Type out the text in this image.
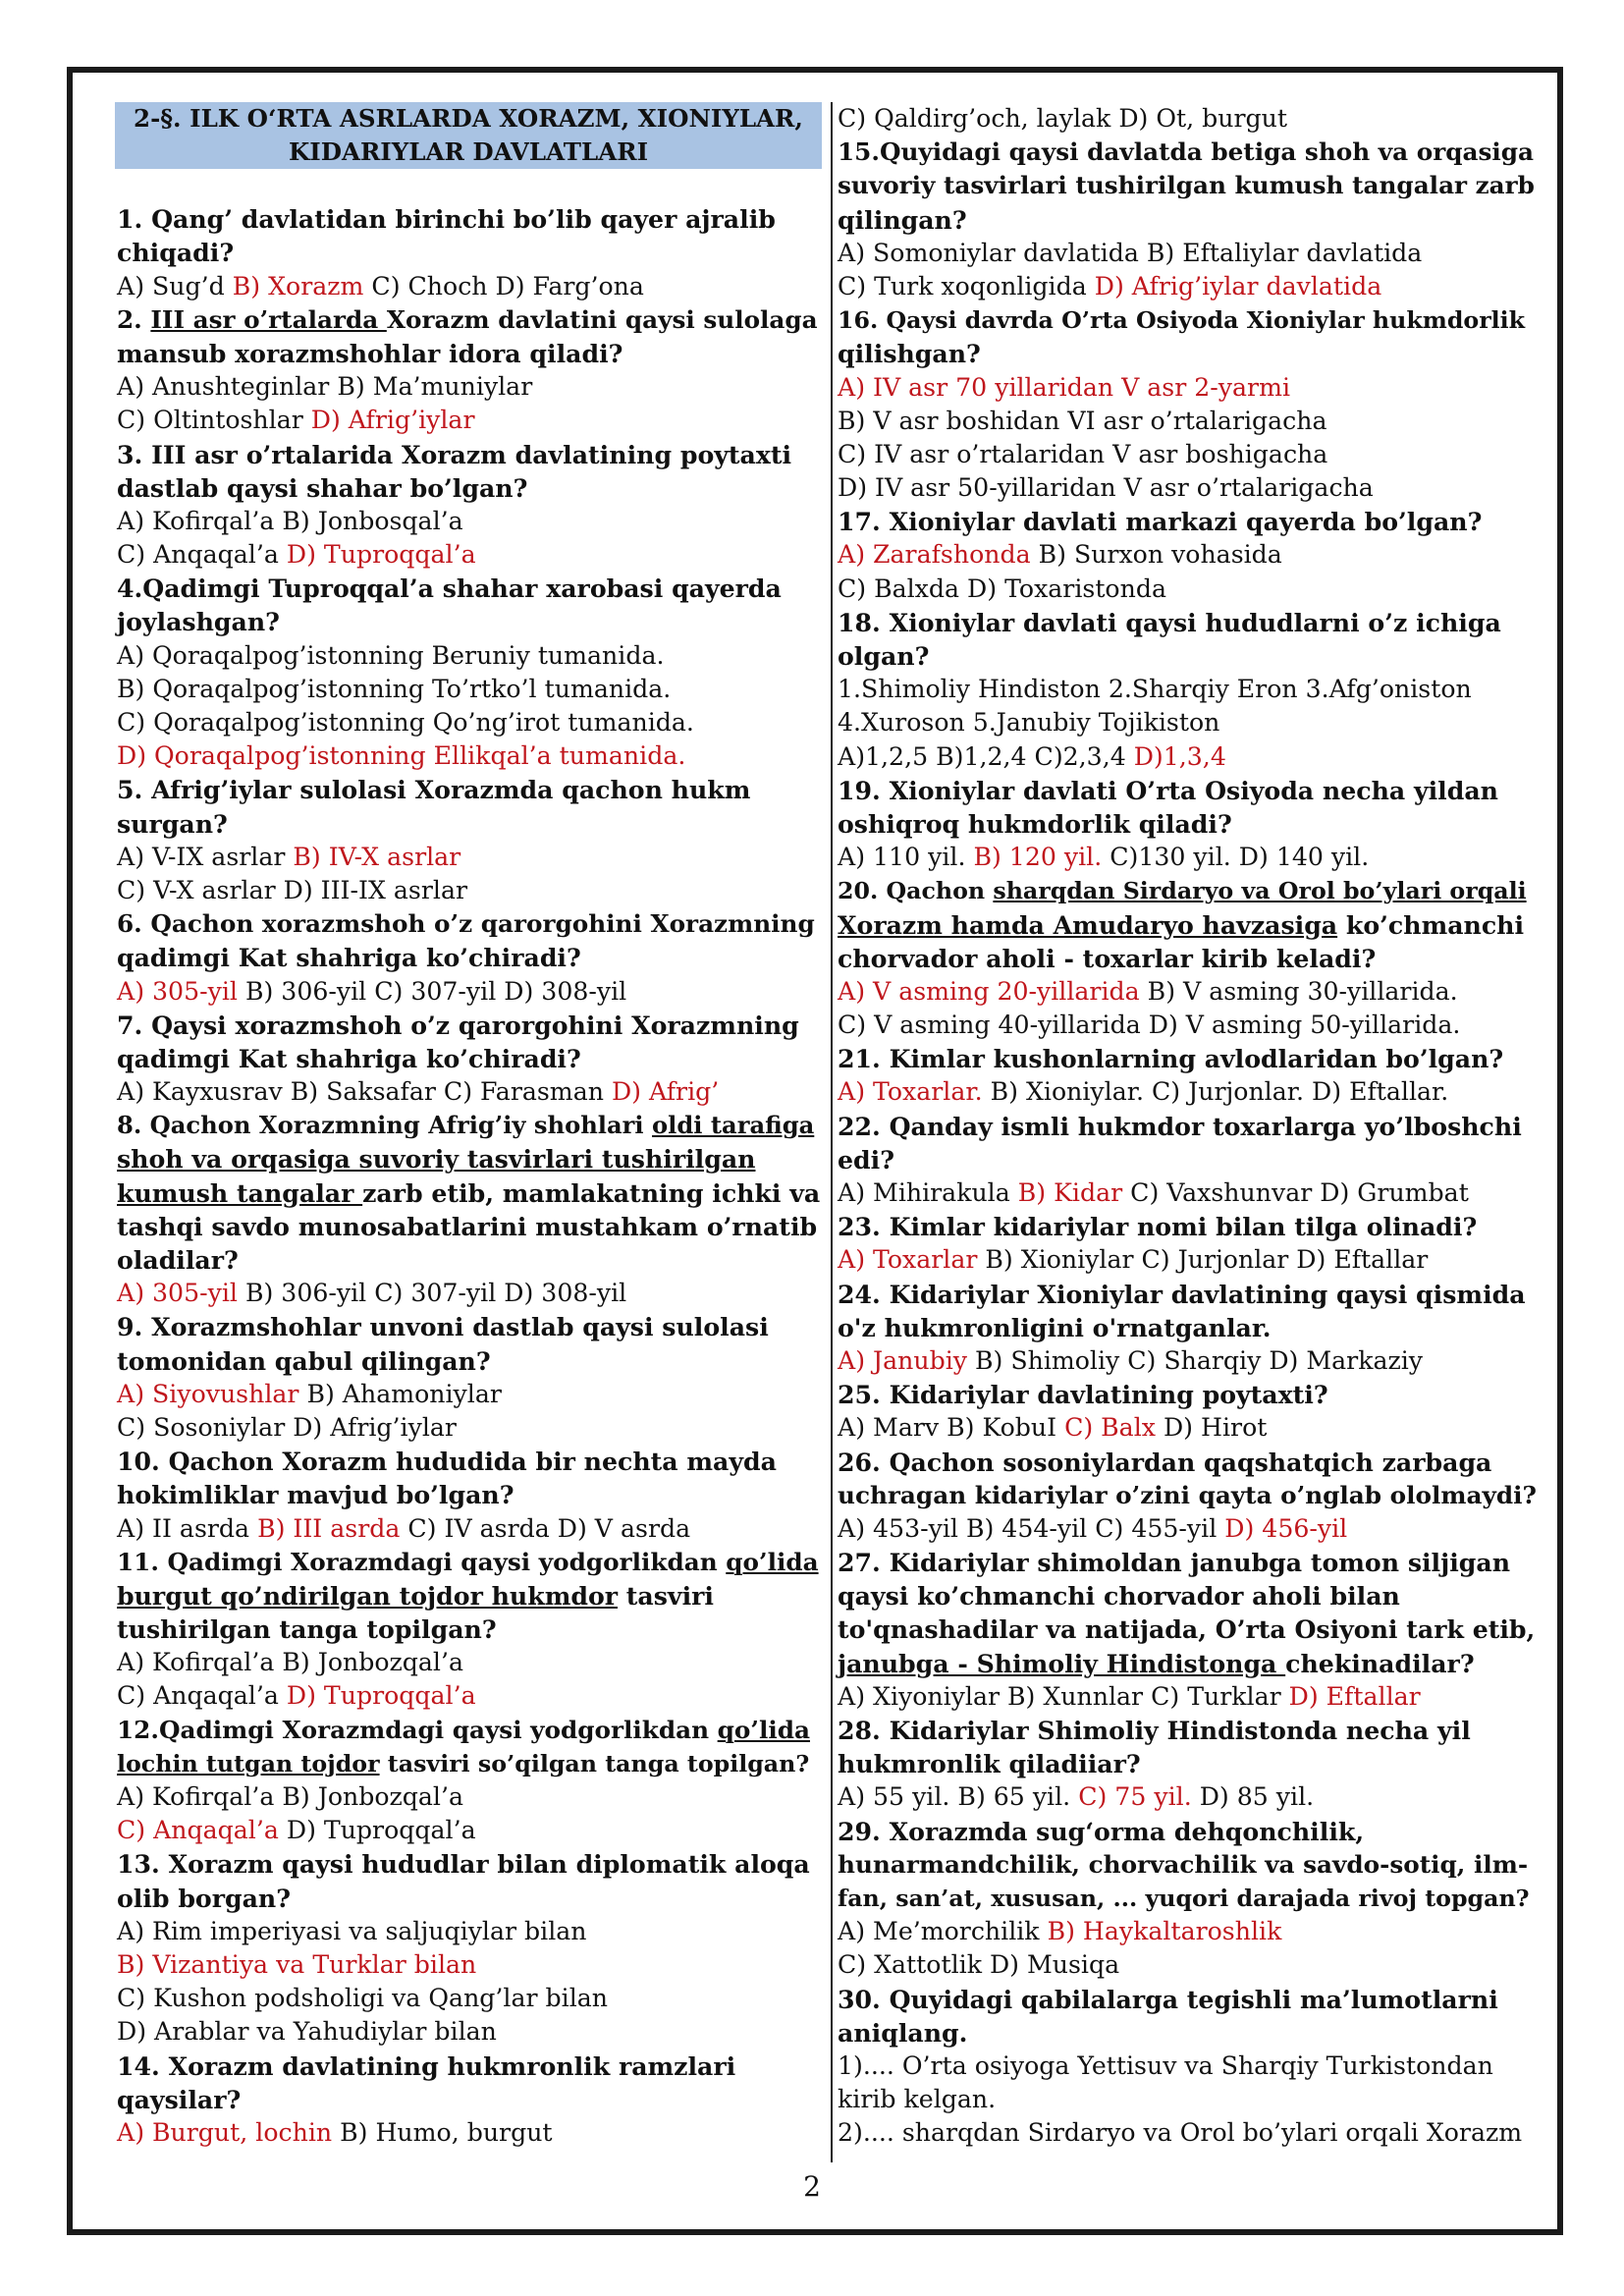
2-§. ILK O‘RTA ASRLARDA XORAZM, XIONIYLAR,
KIDARIYLAR DAVLATLARI
1. Qang’ davlatidan birinchi bo’lib qayer ajralib
chiqadi?
A) Sug’d B) Xorazm C) Choch D) Farg’ona
2. III asr o’rtalarda Xorazm davlatini qaysi sulolaga
mansub xorazmshohlar idora qiladi?
A) Anushteginlar B) Ma’muniylar
C) Oltintoshlar D) Afrig’iylar
3. III asr o’rtalarida Xorazm davlatining poytaxti
dastlab qaysi shahar bo’lgan?
A) Kofirqal’a B) Jonbosqal’a
C) Anqaqal’a D) Tuproqqal’a
4.Qadimgi Tuproqqal’a shahar xarobasi qayerda
joylashgan?
A) Qoraqalpog’istonning Beruniy tumanida.
B) Qoraqalpog’istonning To’rtko’l tumanida.
C) Qoraqalpog’istonning Qo’ng’irot tumanida.
D) Qoraqalpog’istonning Ellikqal’a tumanida.
5. Afrig’iylar sulolasi Xorazmda qachon hukm
surgan?
A) V-IX asrlar B) IV-X asrlar
C) V-X asrlar D) III-IX asrlar
6. Qachon xorazmshoh o’z qarorgohini Xorazmning
qadimgi Kat shahriga ko’chiradi?
A) 305-yil B) 306-yil C) 307-yil D) 308-yil
7. Qaysi xorazmshoh o’z qarorgohini Xorazmning
qadimgi Kat shahriga ko’chiradi?
A) Kayxusrav B) Saksafar C) Farasman D) Afrig’
8. Qachon Xorazmning Afrig’iy shohlari oldi tarafiga
shoh va orqasiga suvoriy tasvirlari tushirilgan
kumush tangalar zarb etib, mamlakatning ichki va
tashqi savdo munosabatlarini mustahkam o’rnatib
oladilar?
A) 305-yil B) 306-yil C) 307-yil D) 308-yil
9. Xorazmshohlar unvoni dastlab qaysi sulolasi
tomonidan qabul qilingan?
A) Siyovushlar B) Ahamoniylar
C) Sosoniylar D) Afrig’iylar
10. Qachon Xorazm hududida bir nechta mayda
hokimliklar mavjud bo’lgan?
A) II asrda B) III asrda C) IV asrda D) V asrda
11. Qadimgi Xorazmdagi qaysi yodgorlikdan qo’lida
burgut qo’ndirilgan tojdor hukmdor tasviri
tushirilgan tanga topilgan?
A) Kofirqal’a B) Jonbozqal’a
C) Anqaqal’a D) Tuproqqal’a
12.Qadimgi Xorazmdagi qaysi yodgorlikdan qo’lida
lochin tutgan tojdor tasviri so’qilgan tanga topilgan?
A) Kofirqal’a B) Jonbozqal’a
C) Anqaqal’a D) Tuproqqal’a
13. Xorazm qaysi hududlar bilan diplomatik aloqa
olib borgan?
A) Rim imperiyasi va saljuqiylar bilan
B) Vizantiya va Turklar bilan
C) Kushon podsholigi va Qang’lar bilan
D) Arablar va Yahudiylar bilan
14. Xorazm davlatining hukmronlik ramzlari
qaysilar?
A) Burgut, lochin B) Humo, burgut
C) Qaldirg’och, laylak D) Ot, burgut
15.Quyidagi qaysi davlatda betiga shoh va orqasiga
suvoriy tasvirlari tushirilgan kumush tangalar zarb
qilingan?
A) Somoniylar davlatida B) Eftaliylar davlatida
C) Turk xoqonligida D) Afrig’iylar davlatida
16. Qaysi davrda O’rta Osiyoda Xioniylar hukmdorlik
qilishgan?
A) IV asr 70 yillaridan V asr 2-yarmi
B) V asr boshidan VI asr o’rtalarigacha
C) IV asr o’rtalaridan V asr boshigacha
D) IV asr 50-yillaridan V asr o’rtalarigacha
17. Xioniylar davlati markazi qayerda bo’lgan?
A) Zarafshonda B) Surxon vohasida
C) Balxda D) Toxaristonda
18. Xioniylar davlati qaysi hududlarni o’z ichiga
olgan?
1.Shimoliy Hindiston 2.Sharqiy Eron 3.Afg’oniston
4.Xuroson 5.Janubiy Tojikiston
A)1,2,5 B)1,2,4 C)2,3,4 D)1,3,4
19. Xioniylar davlati O’rta Osiyoda necha yildan
oshiqroq hukmdorlik qiladi?
A) 110 yil. B) 120 yil. C)130 yil. D) 140 yil.
20. Qachon sharqdan Sirdaryo va Orol bo’ylari orqali
Xorazm hamda Amudaryo havzasiga ko’chmanchi
chorvador aholi - toxarlar kirib keladi?
A) V asming 20-yillarida B) V asming 30-yillarida.
C) V asming 40-yillarida D) V asming 50-yillarida.
21. Kimlar kushonlarning avlodlaridan bo’lgan?
A) Toxarlar. B) Xioniylar. C) Jurjonlar. D) Eftallar.
22. Qanday ismli hukmdor toxarlarga yo’lboshchi
edi?
A) Mihirakula B) Kidar C) Vaxshunvar D) Grumbat
23. Kimlar kidariylar nomi bilan tilga olinadi?
A) Toxarlar B) Xioniylar C) Jurjonlar D) Eftallar
24. Kidariylar Xioniylar davlatining qaysi qismida
o'z hukmronligini o'rnatganlar.
A) Janubiy B) Shimoliy C) Sharqiy D) Markaziy
25. Kidariylar davlatining poytaxti?
A) Marv B) KobuI C) Balx D) Hirot
26. Qachon sosoniylardan qaqshatqich zarbaga
uchragan kidariylar o’zini qayta o’nglab ololmaydi?
A) 453-yil B) 454-yil C) 455-yil D) 456-yil
27. Kidariylar shimoldan janubga tomon siljigan
qaysi ko’chmanchi chorvador aholi bilan
to'qnashadilar va natijada, O’rta Osiyoni tark etib,
janubga - Shimoliy Hindistonga chekinadilar?
A) Xiyoniylar B) Xunnlar C) Turklar D) Eftallar
28. Kidariylar Shimoliy Hindistonda necha yil
hukmronlik qiladiiar?
A) 55 yil. B) 65 yil. C) 75 yil. D) 85 yil.
29. Xorazmda sug‘orma dehqonchilik,
hunarmandchilik, chorvachilik va savdo-sotiq, ilm-
fan, san’at, xususan, ... yuqori darajada rivoj topgan?
A) Me’morchilik B) Haykaltaroshlik
C) Xattotlik D) Musiqa
30. Quyidagi qabilalarga tegishli ma’lumotlarni
aniqlang.
1).... O’rta osiyoga Yettisuv va Sharqiy Turkistondan
kirib kelgan.
2).... sharqdan Sirdaryo va Orol bo’ylari orqali Xorazm
2
